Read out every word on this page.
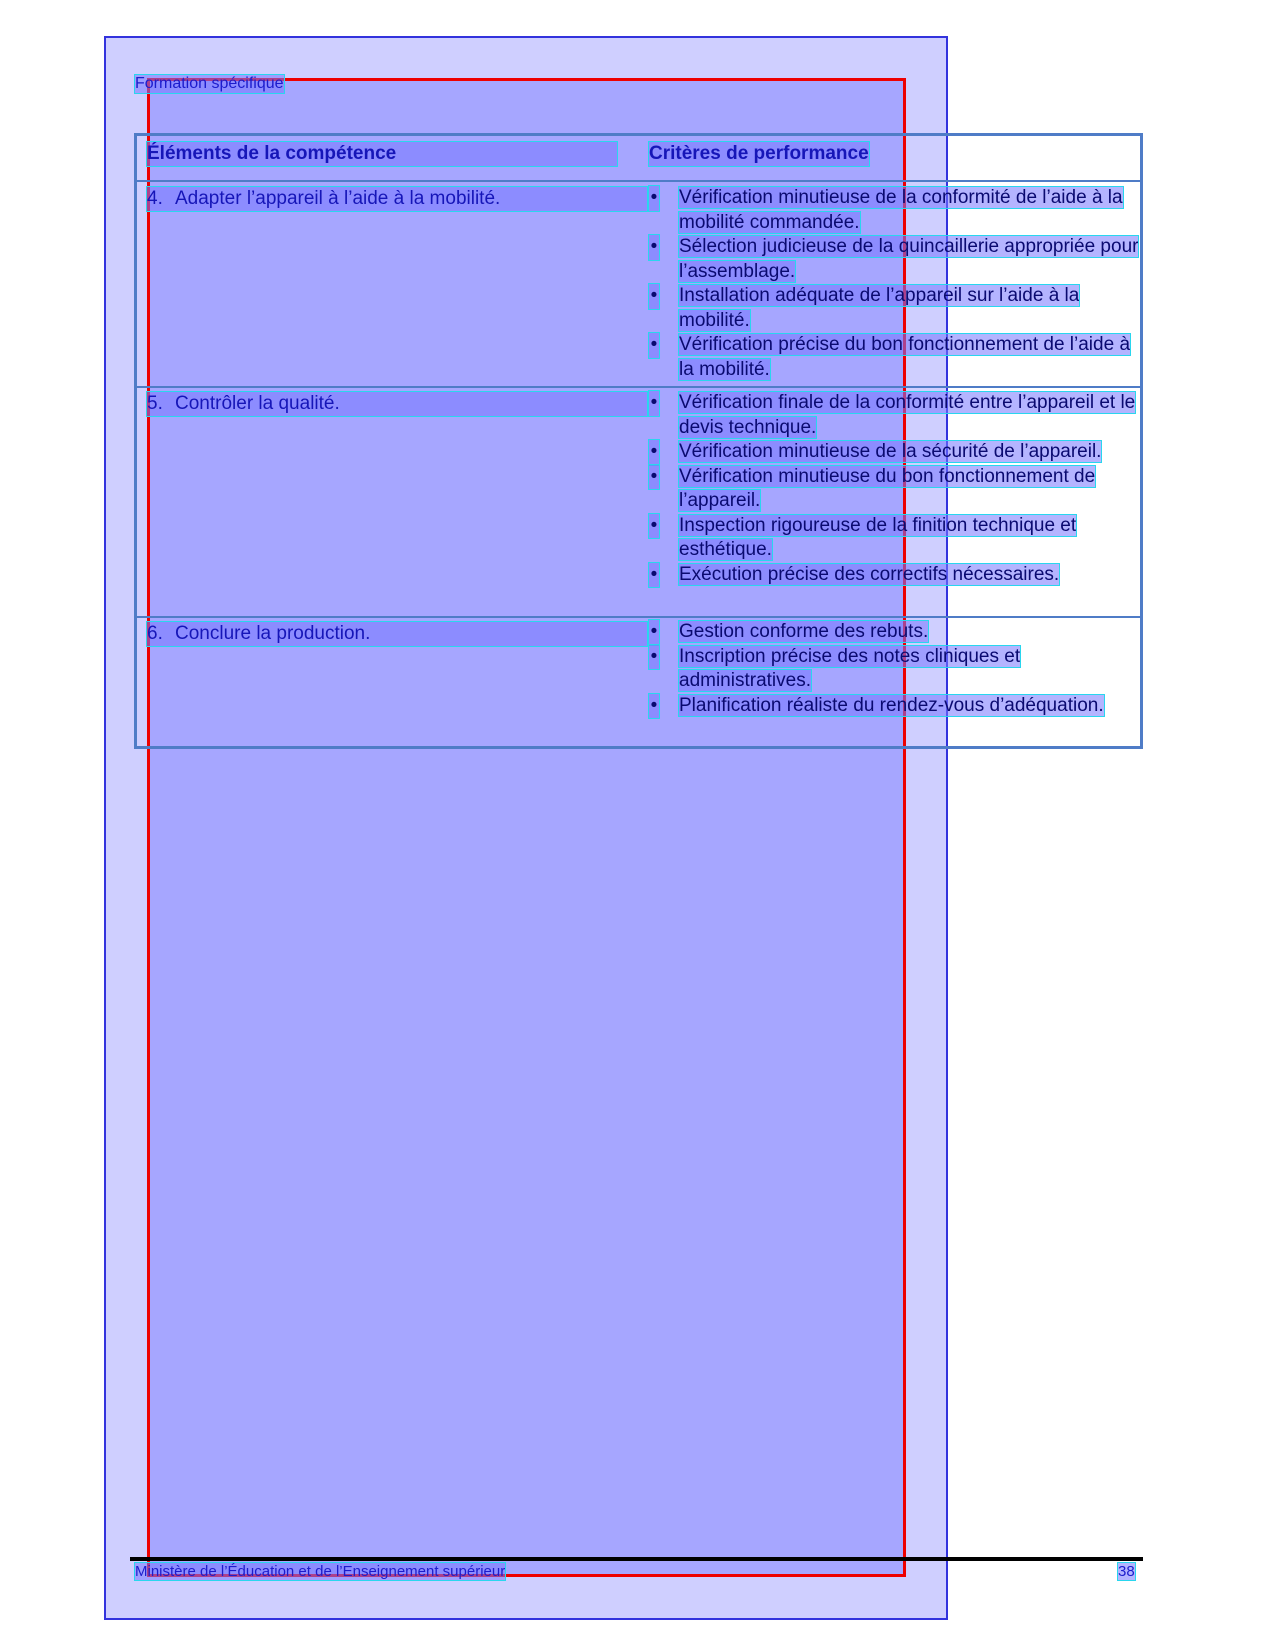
Formation spécifique
Éléments de la compétence	Critères de performance
4. Adapter l’appareil à l’aide à la mobilité.	• Vérification minutieuse de la conformité de l’aide à la mobilité commandée.
• Sélection judicieuse de la quincaillerie appropriée pour l’assemblage.
• Installation adéquate de l’appareil sur l’aide à la mobilité.
• Vérification précise du bon fonctionnement de l’aide à la mobilité.
5. Contrôler la qualité.	• Vérification finale de la conformité entre l’appareil et le devis technique.
• Vérification minutieuse de la sécurité de l’appareil.
• Vérification minutieuse du bon fonctionnement de l’appareil.
• Inspection rigoureuse de la finition technique et esthétique.
• Exécution précise des correctifs nécessaires.
6. Conclure la production.	• Gestion conforme des rebuts.
• Inscription précise des notes cliniques et administratives.
• Planification réaliste du rendez-vous d’adéquation.
Ministère de l’Éducation et de l’Enseignement supérieur	38
